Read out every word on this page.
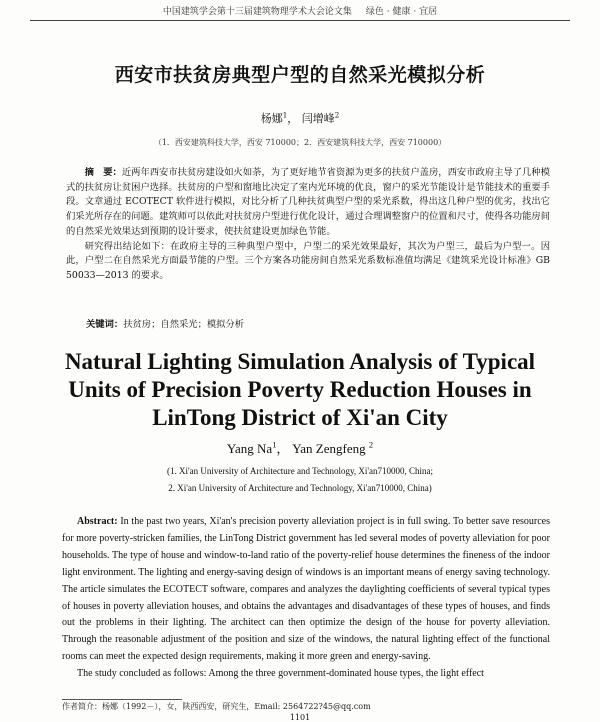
中国建筑学会第十三届建筑物理学术大会论文集 绿色 · 健康 · 宜居
西安市扶贫房典型户型的自然采光模拟分析
杨娜$^1$， 闫增峰$^2$
（1．西安建筑科技大学，西安 710000；2．西安建筑科技大学，西安 710000）

摘　要：近两年西安市扶贫房建设如火如荼，为了更好地节省资源为更多的扶贫户盖房，西安市政府主导了几种模式的扶贫房让贫困户选择。扶贫房的户型和窗地比决定了室内光环境的优良，窗户的采光节能设计是节能技术的重要手段。文章通过 ECOTECT 软件进行模拟，对比分析了几种扶贫典型户型的采光系数，得出这几种户型的优劣，找出它们采光所存在的问题。建筑师可以依此对扶贫房户型进行优化设计，通过合理调整窗户的位置和尺寸，使得各功能房间的自然采光效果达到预期的设计要求，使扶贫建设更加绿色节能。

研究得出结论如下：在政府主导的三种典型户型中，户型二的采光效果最好，其次为户型三，最后为户型一。因此，户型二在自然采光方面最节能的户型。三个方案各功能房间自然采光系数标准值均满足《建筑采光设计标准》GB 50033—2013 的要求。

关键词：扶贫房；自然采光；模拟分析
Natural Lighting Simulation Analysis of Typical
Units of Precision Poverty Reduction Houses in
LinTong District of Xi'an City
Yang Na$^1$， Yan Zengfeng $^2$
(1. Xi'an University of Architecture and Technology, Xi'an710000, China;
2. Xi'an University of Architecture and Technology, Xi'an710000, China)

Abstract: In the past two years, Xi'an's precision poverty alleviation project is in full swing. To better save resources for more poverty-stricken families, the LinTong District government has led several modes of poverty alleviation for poor households. The type of house and window-to-land ratio of the poverty-relief house determines the fineness of the indoor light environment. The lighting and energy-saving design of windows is an important means of energy saving technology. The article simulates the ECOTECT software, compares and analyzes the daylighting coefficients of several typical types of houses in poverty alleviation houses, and obtains the advantages and disadvantages of these types of houses, and finds out the problems in their lighting. The architect can then optimize the design of the house for poverty alleviation. Through the reasonable adjustment of the position and size of the windows, the natural lighting effect of the functional rooms can meet the expected design requirements, making it more green and energy-saving.

The study concluded as follows: Among the three government-dominated house types, the light effect

作者简介：杨娜（1992－），女，陕西西安，研究生，Email: 2564722?45@qq.com
1101
